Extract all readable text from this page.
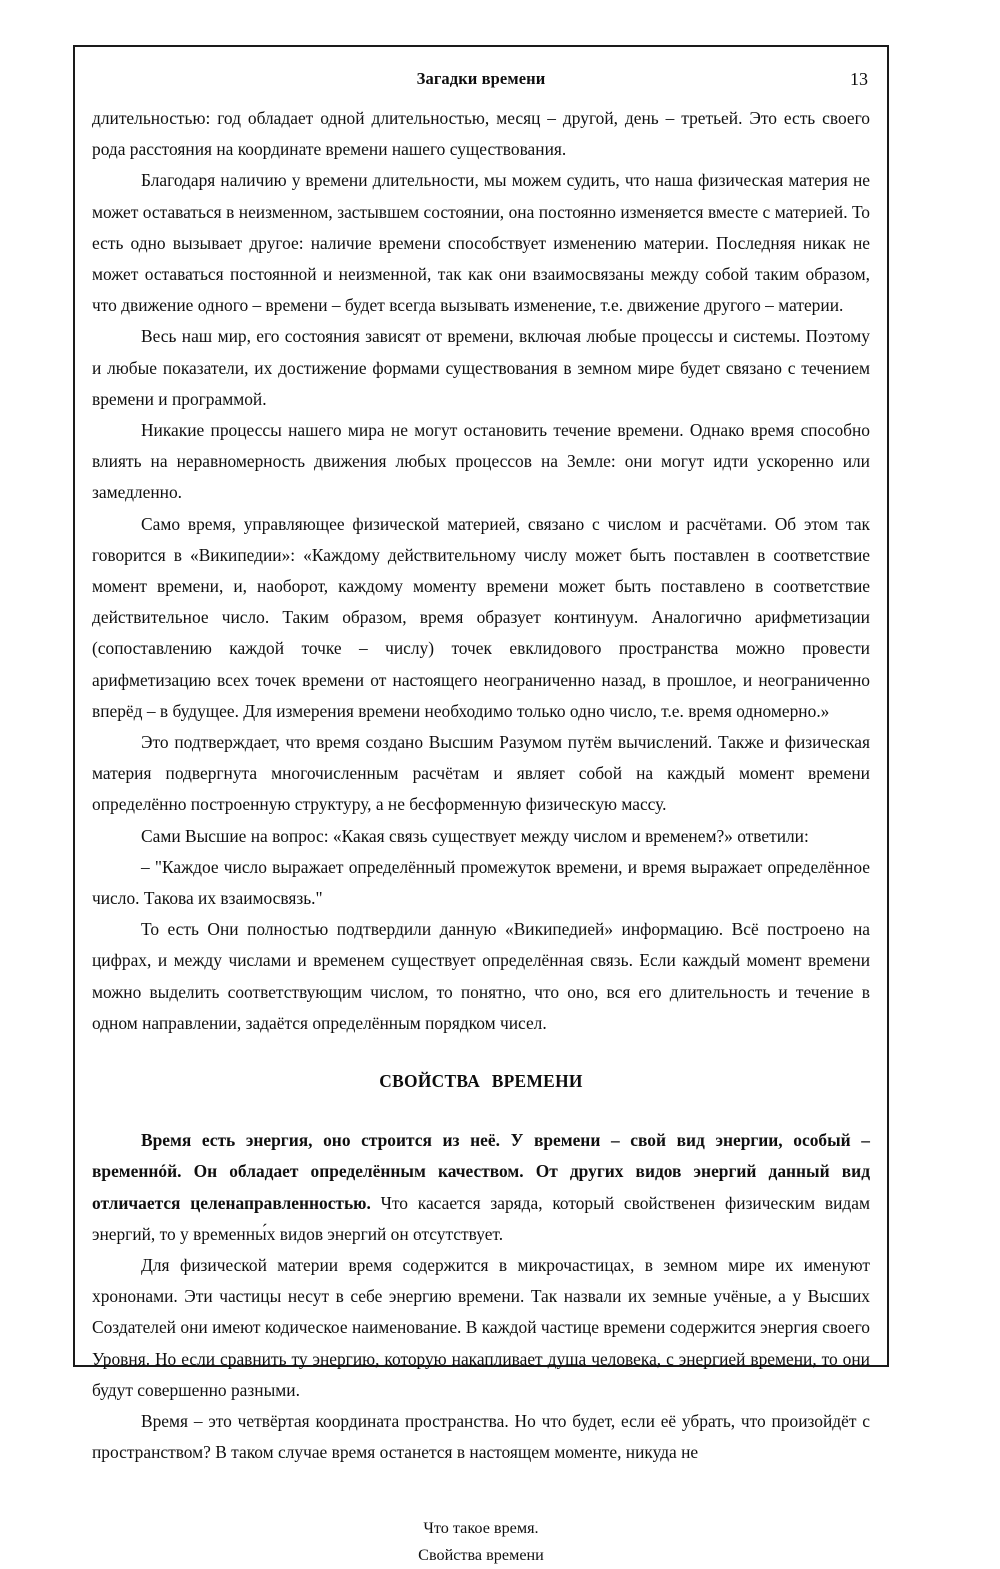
Загадки времени	13

длительностью: год обладает одной длительностью, месяц – другой, день – третьей. Это есть своего рода расстояния на координате времени нашего существования.

Благодаря наличию у времени длительности, мы можем судить, что наша физическая материя не может оставаться в неизменном, застывшем состоянии, она постоянно изменяется вместе с материей. То есть одно вызывает другое: наличие времени способствует изменению материи. Последняя никак не может оставаться постоянной и неизменной, так как они взаимосвязаны между собой таким образом, что движение одного – времени – будет всегда вызывать изменение, т.е. движение другого – материи.

Весь наш мир, его состояния зависят от времени, включая любые процессы и системы. Поэтому и любые показатели, их достижение формами существования в земном мире будет связано с течением времени и программой.

Никакие процессы нашего мира не могут остановить течение времени. Однако время способно влиять на неравномерность движения любых процессов на Земле: они могут идти ускоренно или замедленно.

Само время, управляющее физической материей, связано с числом и расчётами. Об этом так говорится в «Википедии»: «Каждому действительному числу может быть поставлен в соответствие момент времени, и, наоборот, каждому моменту времени может быть поставлено в соответствие действительное число. Таким образом, время образует континуум. Аналогично арифметизации (сопоставлению каждой точке – числу) точек евклидового пространства можно провести арифметизацию всех точек времени от настоящего неограниченно назад, в прошлое, и неограниченно вперёд – в будущее. Для измерения времени необходимо только одно число, т.е. время одномерно.»

Это подтверждает, что время создано Высшим Разумом путём вычислений. Также и физическая материя подвергнута многочисленным расчётам и являет собой на каждый момент времени определённо построенную структуру, а не бесформенную физическую массу.

Сами Высшие на вопрос: «Какая связь существует между числом и временем?» ответили:

– "Каждое число выражает определённый промежуток времени, и время выражает определённое число. Такова их взаимосвязь."

То есть Они полностью подтвердили данную «Википедией» информацию. Всё построено на цифрах, и между числами и временем существует определённая связь. Если каждый момент времени можно выделить соответствующим числом, то понятно, что оно, вся его длительность и течение в одном направлении, задаётся определённым порядком чисел.

СВОЙСТВА ВРЕМЕНИ

Время есть энергия, оно строится из неё. У времени – свой вид энергии, особый – временнóй. Он обладает определённым качеством. От других видов энергий данный вид отличается целенаправленностью. Что касается заряда, который свойственен физическим видам энергий, то у временны́х видов энергий он отсутствует.

Для физической материи время содержится в микрочастицах, в земном мире их именуют хрононами. Эти частицы несут в себе энергию времени. Так назвали их земные учёные, а у Высших Создателей они имеют кодическое наименование. В каждой частице времени содержится энергия своего Уровня. Но если сравнить ту энергию, которую накапливает душа человека, с энергией времени, то они будут совершенно разными.

Время – это четвёртая координата пространства. Но что будет, если её убрать, что произойдёт с пространством? В таком случае время останется в настоящем моменте, никуда не

Что такое время.
Свойства времени
